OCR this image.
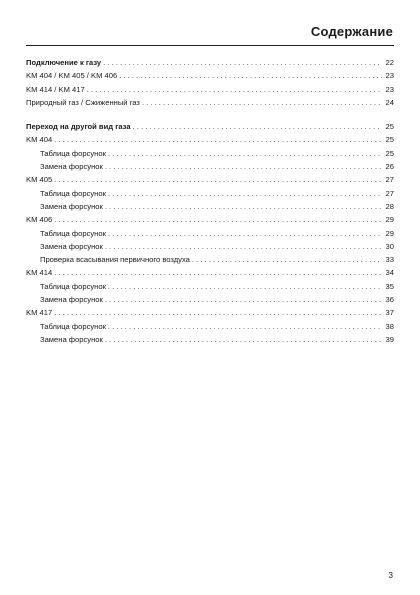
Содержание
Подключение к газу . . .	22
KM 404 / KM 405 / KM 406 . . .	23
KM 414 / KM 417 . . .	23
Природный газ / Сжиженный газ . . .	24
Переход на другой вид газа . . .	25
KM 404 . . .	25
Таблица форсунок . . .	25
Замена форсунок . . .	26
KM 405 . . .	27
Таблица форсунок . . .	27
Замена форсунок . . .	28
KM 406 . . .	29
Таблица форсунок . . .	29
Замена форсунок . . .	30
Проверка всасывания первичного воздуха . . .	33
KM 414 . . .	34
Таблица форсунок . . .	35
Замена форсунок . . .	36
KM 417 . . .	37
Таблица форсунок . . .	38
Замена форсунок . . .	39
3
